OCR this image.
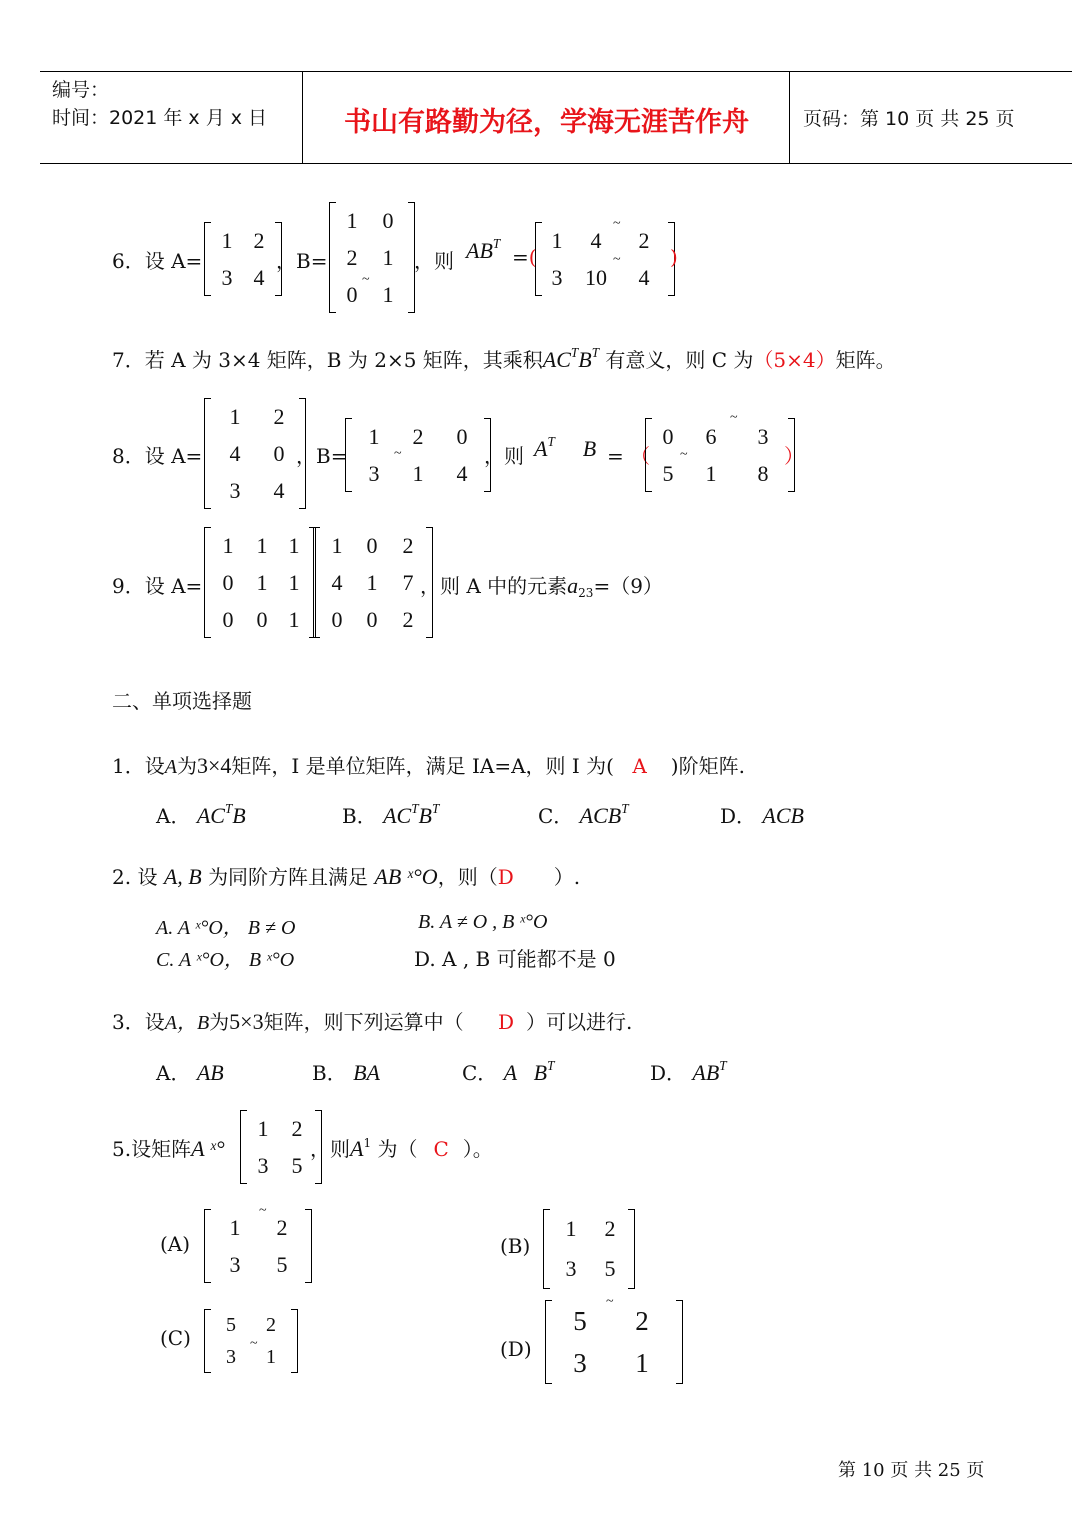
编号：
时间：2021 年 x 月 x 日	书山有路勤为径，学海无涯苦作舟	页码：第 10 页 共 25 页
6．设 A=
1 2
3 4
，B=
1	0
2	1
0	1
~
，则 $AB^T$
=(
1	4	2
3	10	4
~
~ )
7．若 A 为 3×4 矩阵，B 为 2×5 矩阵，其乘积$AC^TB^T$ 有意义，则 C 为（5×4）矩阵。
8．设 A=
1	2
4	0
3	4
，B=
1	2	0
3	1	4
~	，则 $A^T$ B = （
0	6	3
5	1	8
~
~	）
9．设 A=
1	1 1
0	1 1
0	0 1
1	0	2
4	1	7
0	0	2
，则 A 中的元素$a_{23}=(9)$
二、单项选择题
1．设A为3×4矩阵，I 是单位矩阵，满足 IA=A，则 I 为( A )阶矩阵.
A． $AC^TB$	B． $AC^TB^T$	C． $ACB^T$	D． ACB
2. 设 A, B 为同阶方阵且满足 AB ˣ°O，则（D ）.
A. A ˣ°O， B ≠ O	B. A ≠ O , B ˣ°O
C. A ˣ°O， B ˣ°O	D. A , B 可能都不是 0
3．设A，B为5×3矩阵，则下列运算中（ D ）可以进行.
A． AB	B． BA	C． A   $B^T$	D． $AB^T$
5.设矩阵A ˣ°
1	2
3	5
，则$A^1$ 为（ C ）。
(A)
1	2
3	5
~
(B)
1	2
3	5
(C)
5	2
3	1
~	(D)
5	2
3	1
~
第 10 页 共 25 页
